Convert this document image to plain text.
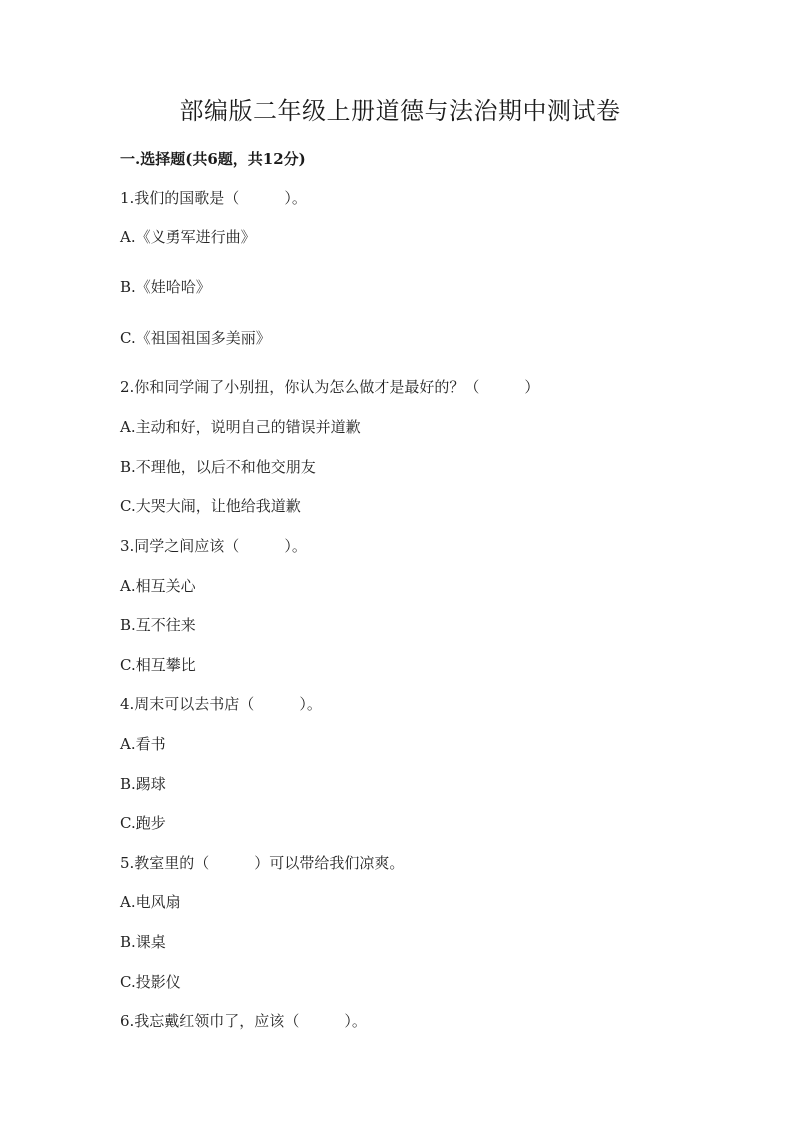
部编版二年级上册道德与法治期中测试卷
一.选择题(共6题，共12分)
1.我们的国歌是（　　　）。
A.《义勇军进行曲》
B.《娃哈哈》
C.《祖国祖国多美丽》
2.你和同学闹了小别扭，你认为怎么做才是最好的？（　　　）
A.主动和好，说明自己的错误并道歉
B.不理他，以后不和他交朋友
C.大哭大闹，让他给我道歉
3.同学之间应该（　　　）。
A.相互关心
B.互不往来
C.相互攀比
4.周末可以去书店（　　　）。
A.看书
B.踢球
C.跑步
5.教室里的（　　　）可以带给我们凉爽。
A.电风扇
B.课桌
C.投影仪
6.我忘戴红领巾了，应该（　　　）。
